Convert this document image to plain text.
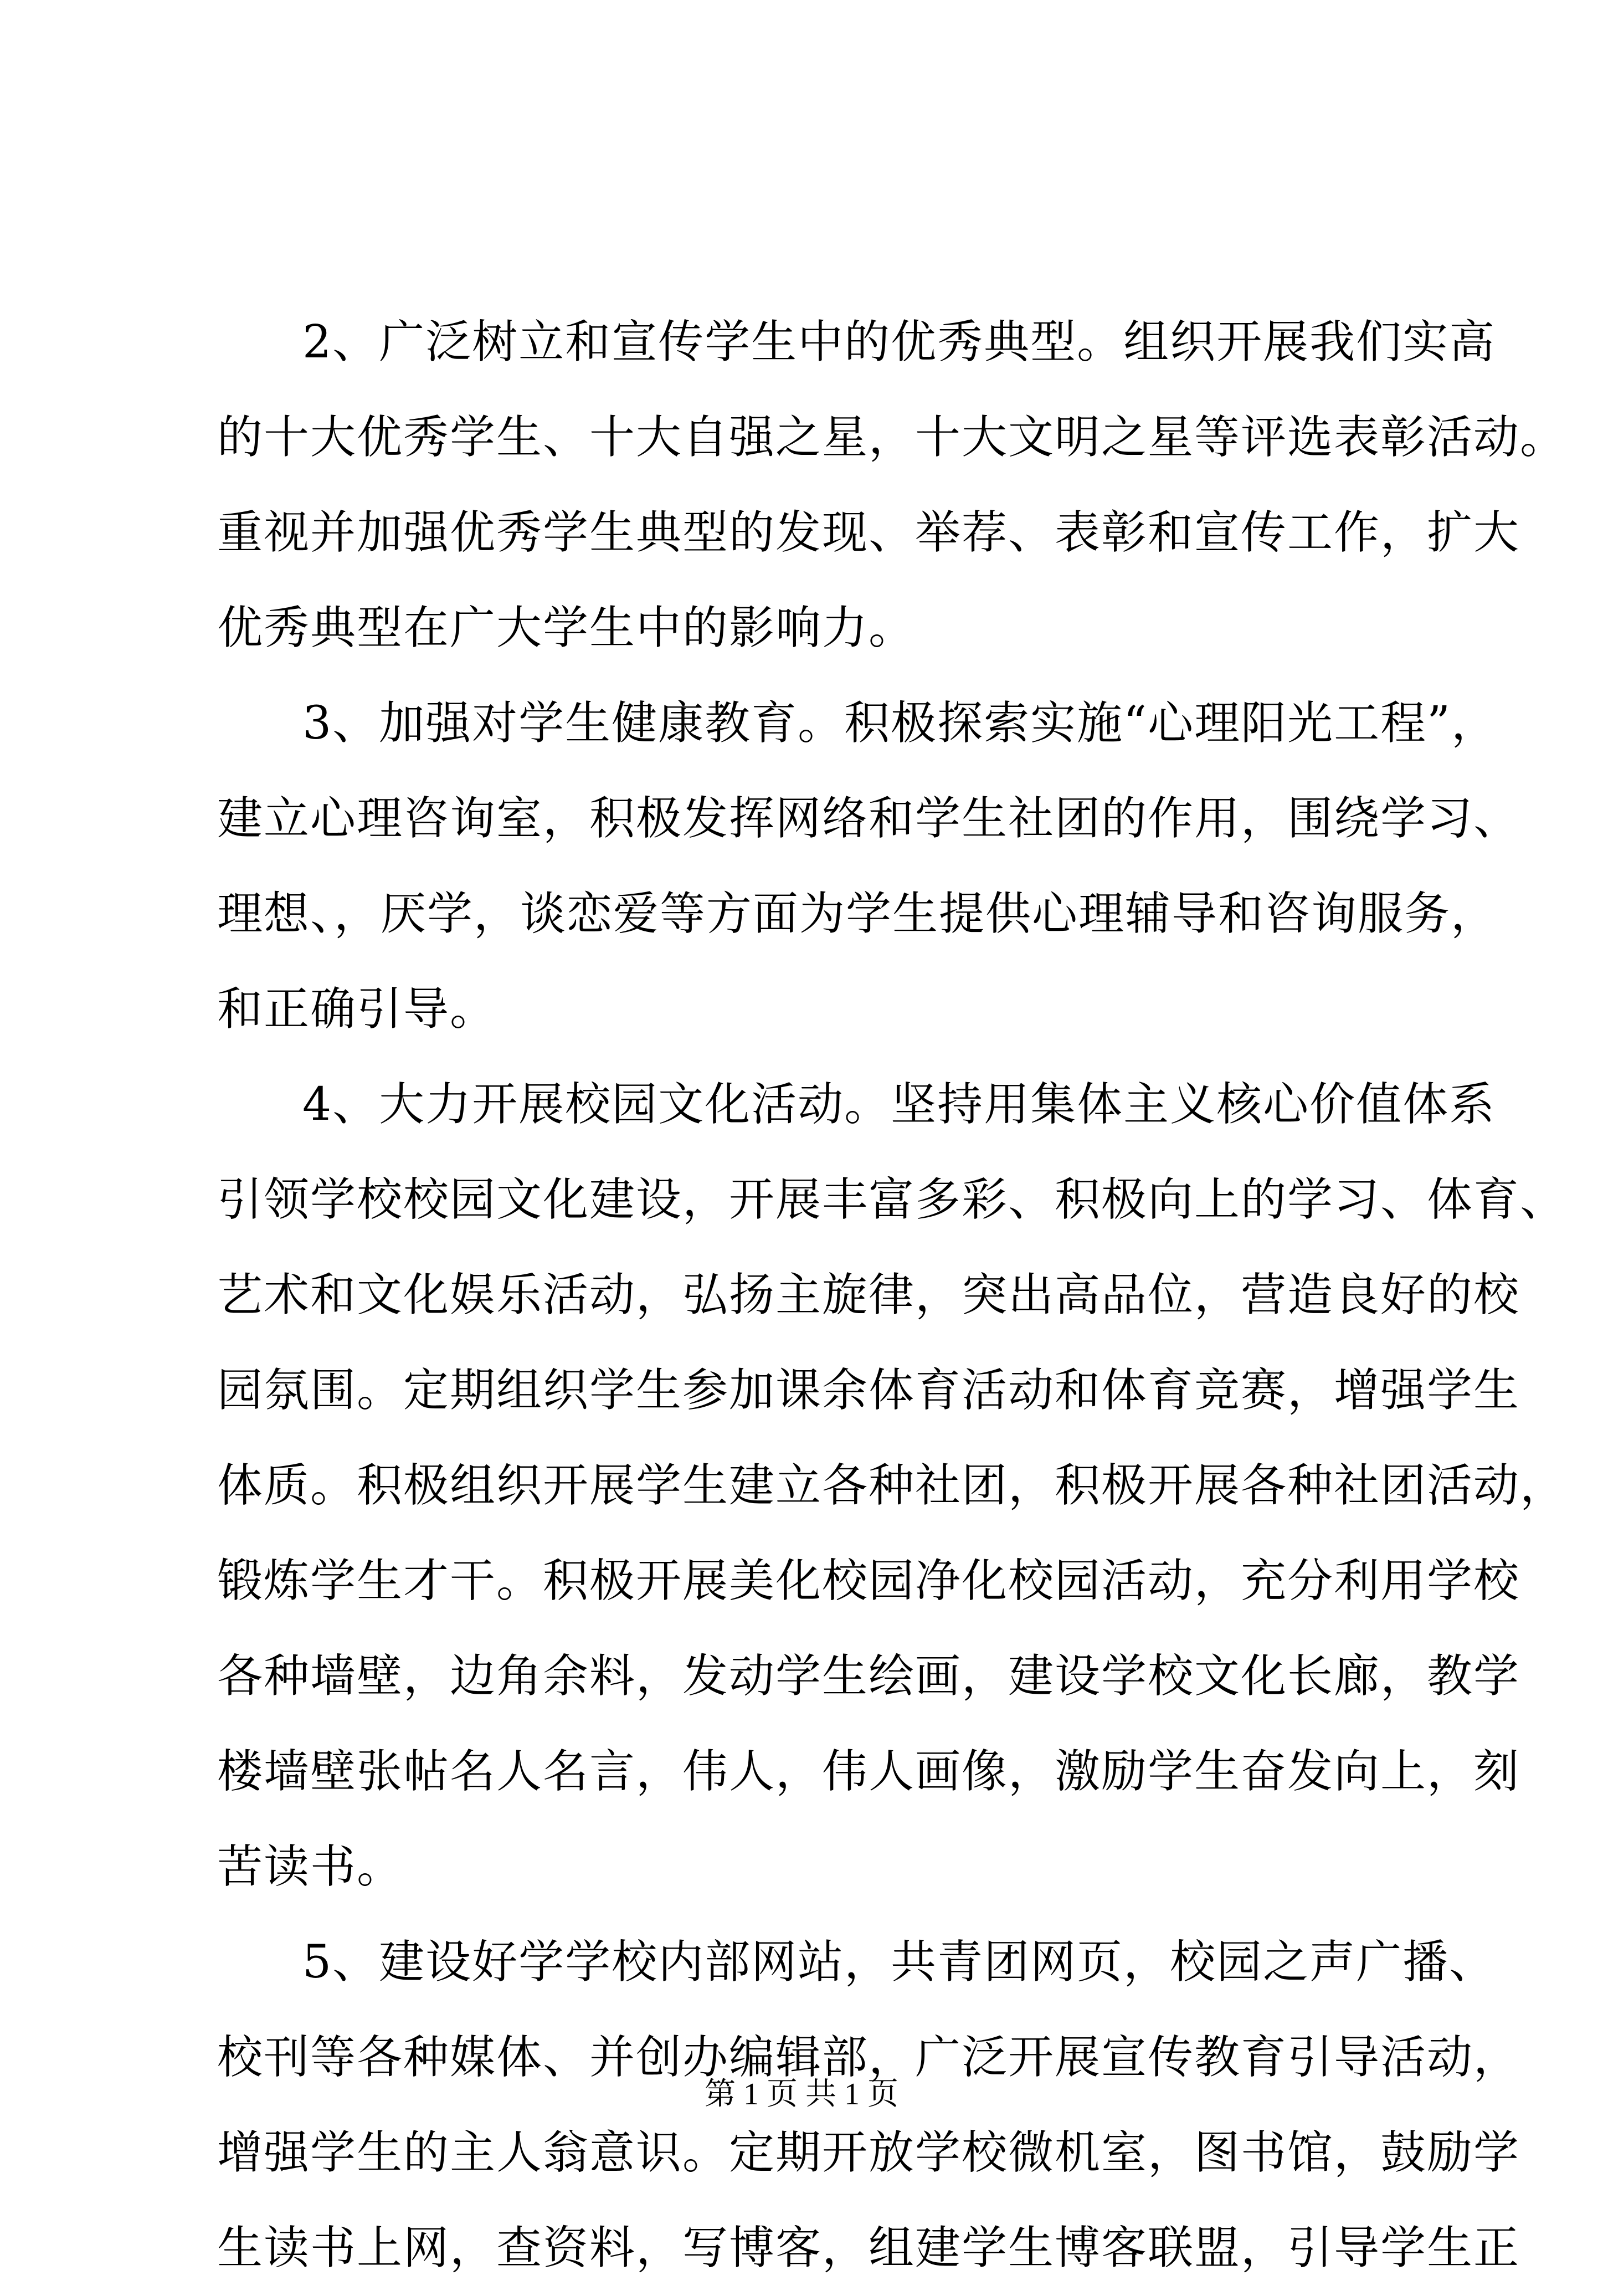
2、广泛树立和宣传学生中的优秀典型。组织开展我们实高
的十大优秀学生、十大自强之星，十大文明之星等评选表彰活动。
重视并加强优秀学生典型的发现、举荐、表彰和宣传工作，扩大
优秀典型在广大学生中的影响力。
3、加强对学生健康教育。积极探索实施“心理阳光工程”，
建立心理咨询室，积极发挥网络和学生社团的作用，围绕学习、
理想、，厌学，谈恋爱等方面为学生提供心理辅导和咨询服务，
和正确引导。
4、大力开展校园文化活动。坚持用集体主义核心价值体系
引领学校校园文化建设，开展丰富多彩、积极向上的学习、体育、
艺术和文化娱乐活动，弘扬主旋律，突出高品位，营造良好的校
园氛围。定期组织学生参加课余体育活动和体育竞赛，增强学生
体质。积极组织开展学生建立各种社团，积极开展各种社团活动，
锻炼学生才干。积极开展美化校园净化校园活动，充分利用学校
各种墙壁，边角余料，发动学生绘画，建设学校文化长廊，教学
楼墙壁张帖名人名言，伟人，伟人画像，激励学生奋发向上，刻
苦读书。
5、建设好学学校内部网站，共青团网页，校园之声广播、
校刊等各种媒体、并创办编辑部，广泛开展宣传教育引导活动，
增强学生的主人翁意识。定期开放学校微机室，图书馆，鼓励学
生读书上网，查资料，写博客，组建学生博客联盟，引导学生正
第 1 页 共 1 页
